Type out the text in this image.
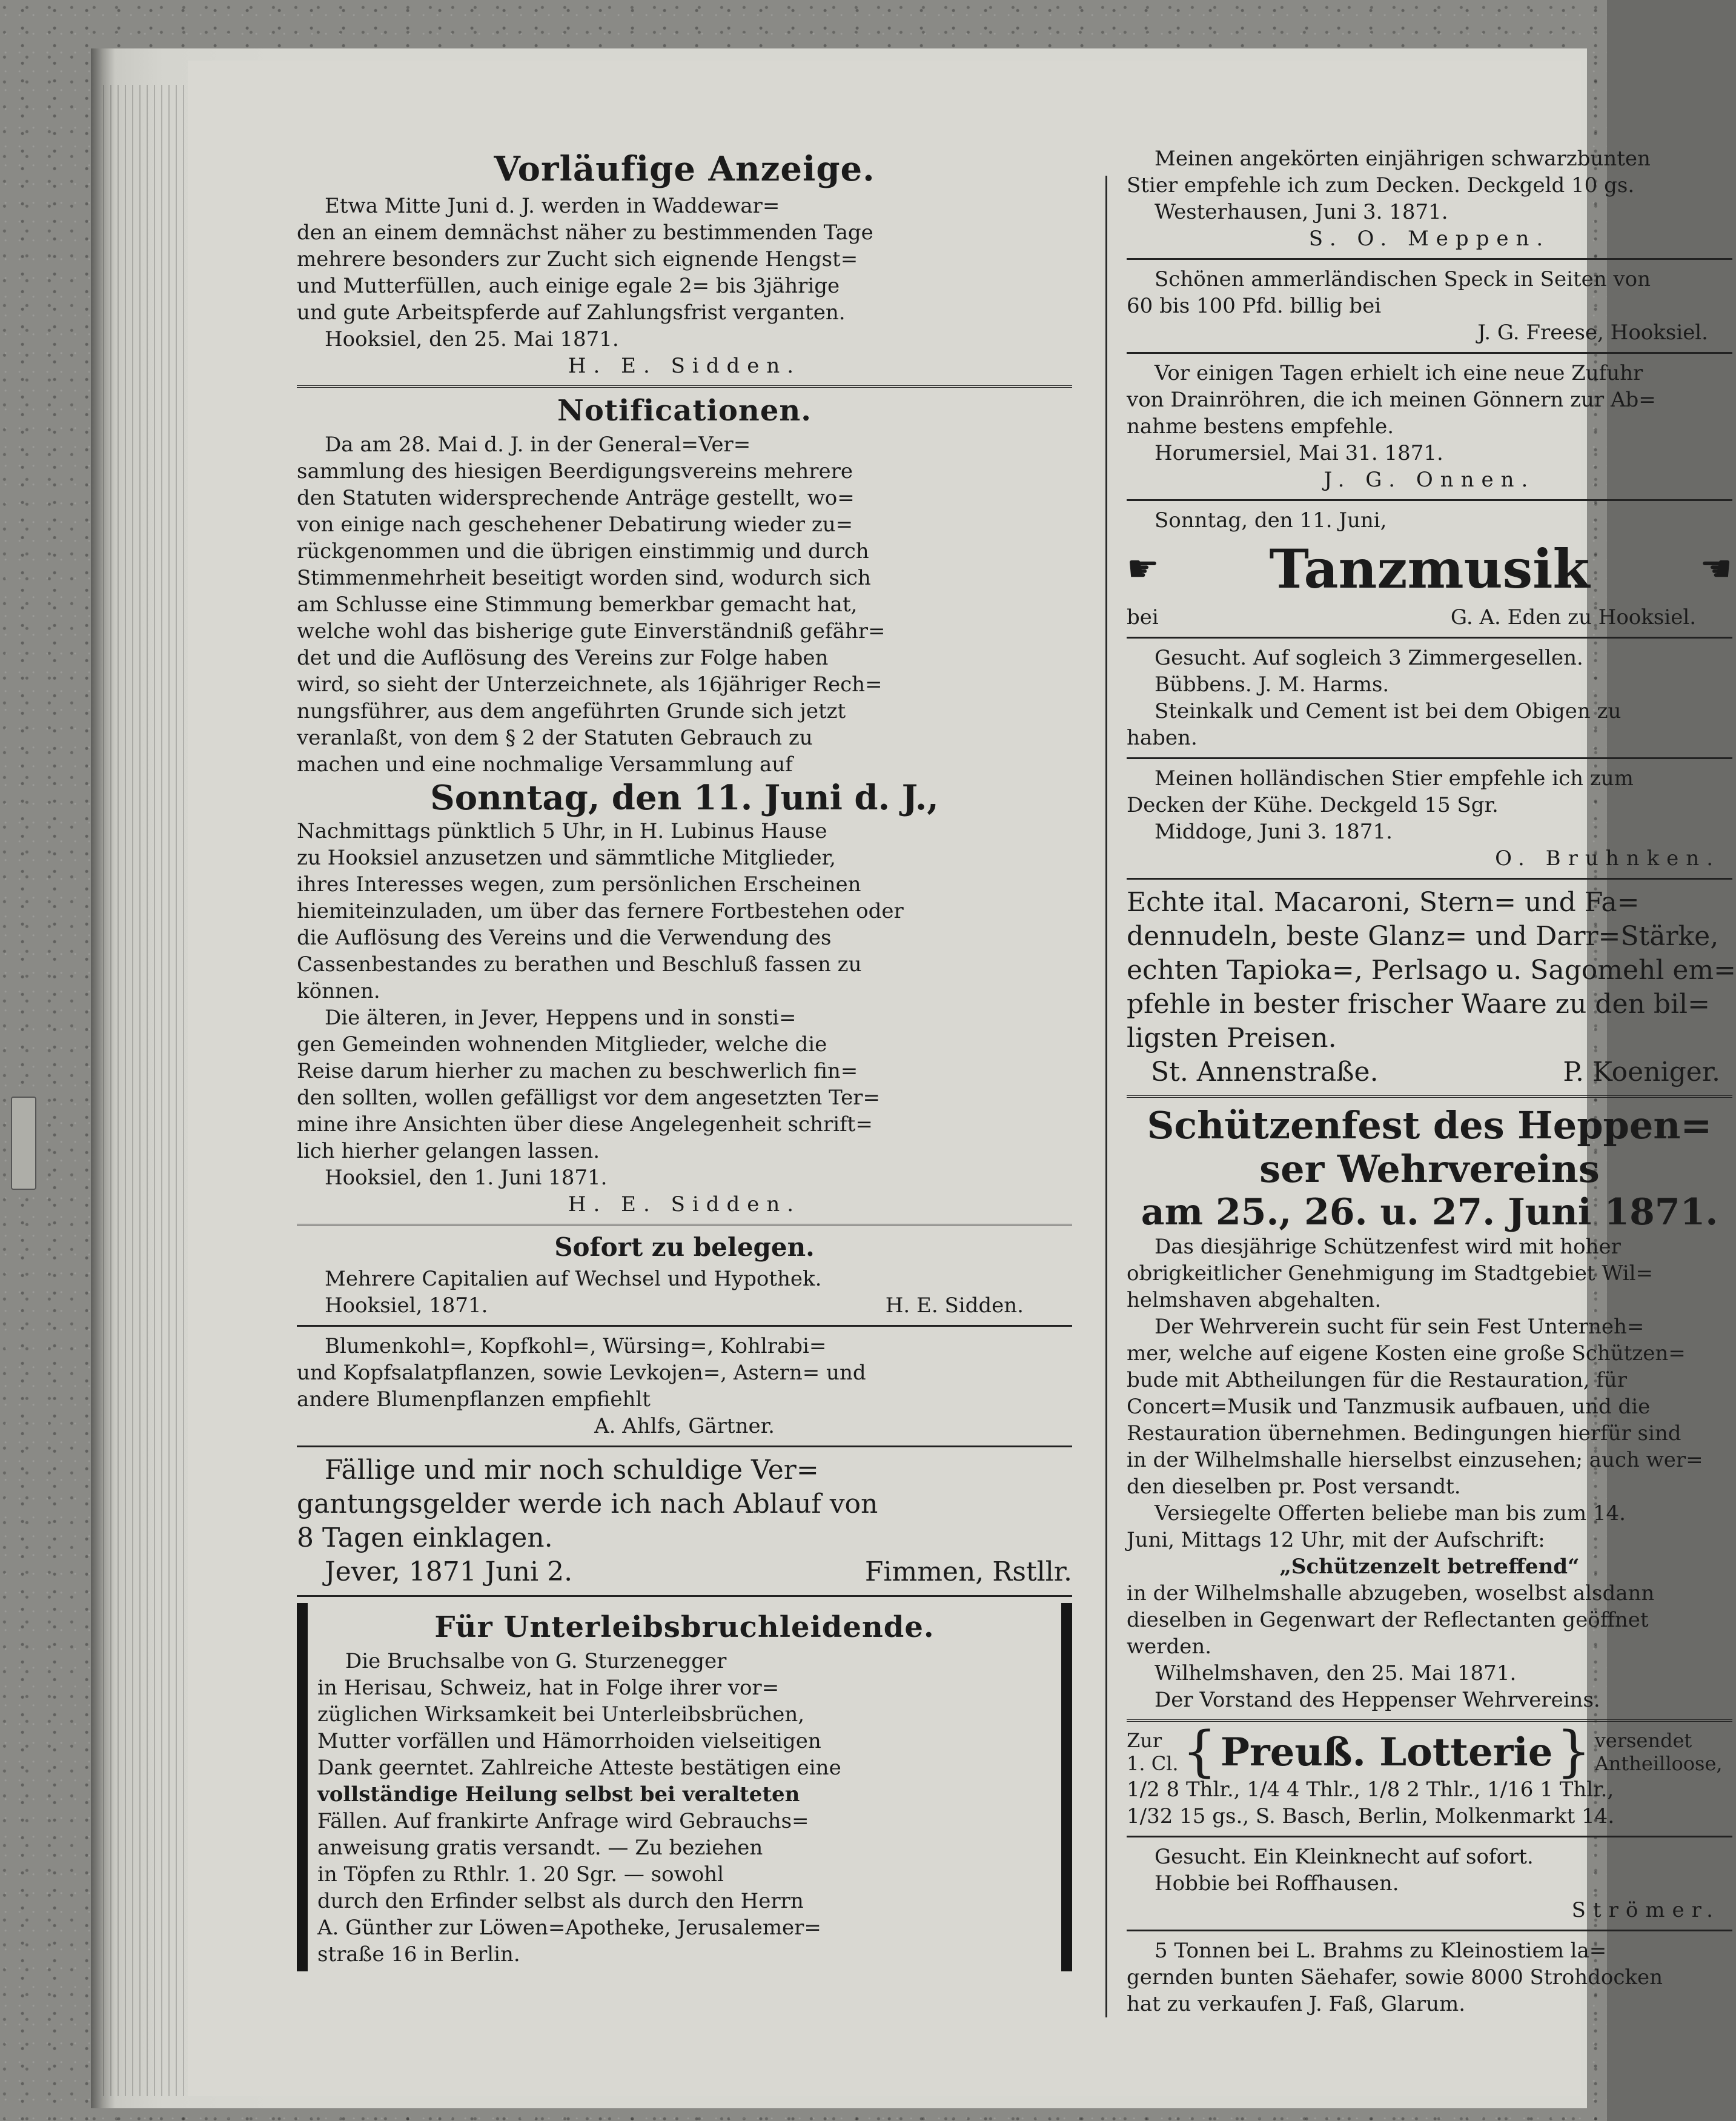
Vorläufige Anzeige.
Etwa Mitte Juni d. J. werden in Waddewar=
den an einem demnächst näher zu bestimmenden Tage
mehrere besonders zur Zucht sich eignende Hengst=
und Mutterfüllen, auch einige egale 2= bis 3jährige
und gute Arbeitspferde auf Zahlungsfrist verganten.
Hooksiel, den 25. Mai 1871.
H. E. Sidden.
Notificationen.
Da am 28. Mai d. J. in der General=Ver=
sammlung des hiesigen Beerdigungsvereins mehrere
den Statuten widersprechende Anträge gestellt, wo=
von einige nach geschehener Debatirung wieder zu=
rückgenommen und die übrigen einstimmig und durch
Stimmenmehrheit beseitigt worden sind, wodurch sich
am Schlusse eine Stimmung bemerkbar gemacht hat,
welche wohl das bisherige gute Einverständniß gefähr=
det und die Auflösung des Vereins zur Folge haben
wird, so sieht der Unterzeichnete, als 16jähriger Rech=
nungsführer, aus dem angeführten Grunde sich jetzt
veranlaßt, von dem § 2 der Statuten Gebrauch zu
machen und eine nochmalige Versammlung auf
Sonntag, den 11. Juni d. J.,
Nachmittags pünktlich 5 Uhr, in H. Lubinus Hause
zu Hooksiel anzusetzen und sämmtliche Mitglieder,
ihres Interesses wegen, zum persönlichen Erscheinen
hiemiteinzuladen, um über das fernere Fortbestehen oder
die Auflösung des Vereins und die Verwendung des
Cassenbestandes zu berathen und Beschluß fassen zu
können.
Die älteren, in Jever, Heppens und in sonsti=
gen Gemeinden wohnenden Mitglieder, welche die
Reise darum hierher zu machen zu beschwerlich fin=
den sollten, wollen gefälligst vor dem angesetzten Ter=
mine ihre Ansichten über diese Angelegenheit schrift=
lich hierher gelangen lassen.
Hooksiel, den 1. Juni 1871.
H. E. Sidden.
Sofort zu belegen.
Mehrere Capitalien auf Wechsel und Hypothek.
Hooksiel, 1871.	H. E. Sidden.
Blumenkohl=, Kopfkohl=, Würsing=, Kohlrabi=
und Kopfsalatpflanzen, sowie Levkojen=, Astern= und
andere Blumenpflanzen empfiehlt
A. Ahlfs, Gärtner.
Fällige und mir noch schuldige Ver=
gantungsgelder werde ich nach Ablauf von
8 Tagen einklagen.
Jever, 1871 Juni 2.	Fimmen, Rstllr.
Für Unterleibsbruchleidende.
Die Bruchsalbe von G. Sturzenegger
in Herisau, Schweiz, hat in Folge ihrer vor=
züglichen Wirksamkeit bei Unterleibsbrüchen,
Mutter vorfällen und Hämorrhoiden vielseitigen
Dank geerntet. Zahlreiche Atteste bestätigen eine
vollständige Heilung selbst bei veralteten
Fällen. Auf frankirte Anfrage wird Gebrauchs=
anweisung gratis versandt. — Zu beziehen
in Töpfen zu Rthlr. 1. 20 Sgr. — sowohl
durch den Erfinder selbst als durch den Herrn
A. Günther zur Löwen=Apotheke, Jerusalemer=
straße 16 in Berlin.
Meinen angekörten einjährigen schwarzbunten
Stier empfehle ich zum Decken. Deckgeld 10 gs.
Westerhausen, Juni 3. 1871.
S. O. Meppen.
Schönen ammerländischen Speck in Seiten von
60 bis 100 Pfd. billig bei
J. G. Freese, Hooksiel.
Vor einigen Tagen erhielt ich eine neue Zufuhr
von Drainröhren, die ich meinen Gönnern zur Ab=
nahme bestens empfehle.
Horumersiel, Mai 31. 1871.
J. G. Onnen.
Sonntag, den 11. Juni,
☛ Tanzmusik	☚
bei	G. A. Eden zu Hooksiel.
Gesucht. Auf sogleich 3 Zimmergesellen.
Bübbens. J. M. Harms.
Steinkalk und Cement ist bei dem Obigen zu
haben.
Meinen holländischen Stier empfehle ich zum
Decken der Kühe. Deckgeld 15 Sgr.
Middoge, Juni 3. 1871.
O. Bruhnken.
Echte ital. Macaroni, Stern= und Fa=
dennudeln, beste Glanz= und Darr=Stärke,
echten Tapioka=, Perlsago u. Sagomehl em=
pfehle in bester frischer Waare zu den bil=
ligsten Preisen.
St. Annenstraße.	P. Koeniger.
Schützenfest des Heppen=
ser Wehrvereins
am 25., 26. u. 27. Juni 1871.
Das diesjährige Schützenfest wird mit hoher
obrigkeitlicher Genehmigung im Stadtgebiet Wil=
helmshaven abgehalten.
Der Wehrverein sucht für sein Fest Unterneh=
mer, welche auf eigene Kosten eine große Schützen=
bude mit Abtheilungen für die Restauration, für
Concert=Musik und Tanzmusik aufbauen, und die
Restauration übernehmen. Bedingungen hierfür sind
in der Wilhelmshalle hierselbst einzusehen; auch wer=
den dieselben pr. Post versandt.
Versiegelte Offerten beliebe man bis zum 14.
Juni, Mittags 12 Uhr, mit der Aufschrift:
„Schützenzelt betreffend“
in der Wilhelmshalle abzugeben, woselbst alsdann
dieselben in Gegenwart der Reflectanten geöffnet
werden.
Wilhelmshaven, den 25. Mai 1871.
Der Vorstand des Heppenser Wehrvereins.
Zur
1. Cl. { Preuß. Lotterie } versendet
Antheilloose,
1/2 8 Thlr., 1/4 4 Thlr., 1/8 2 Thlr., 1/16 1 Thlr.,
1/32 15 gs., S. Basch, Berlin, Molkenmarkt 14.
Gesucht. Ein Kleinknecht auf sofort.
Hobbie bei Roffhausen.
Strömer.
5 Tonnen bei L. Brahms zu Kleinostiem la=
gernden bunten Säehafer, sowie 8000 Strohdocken
hat zu verkaufen J. Faß, Glarum.
